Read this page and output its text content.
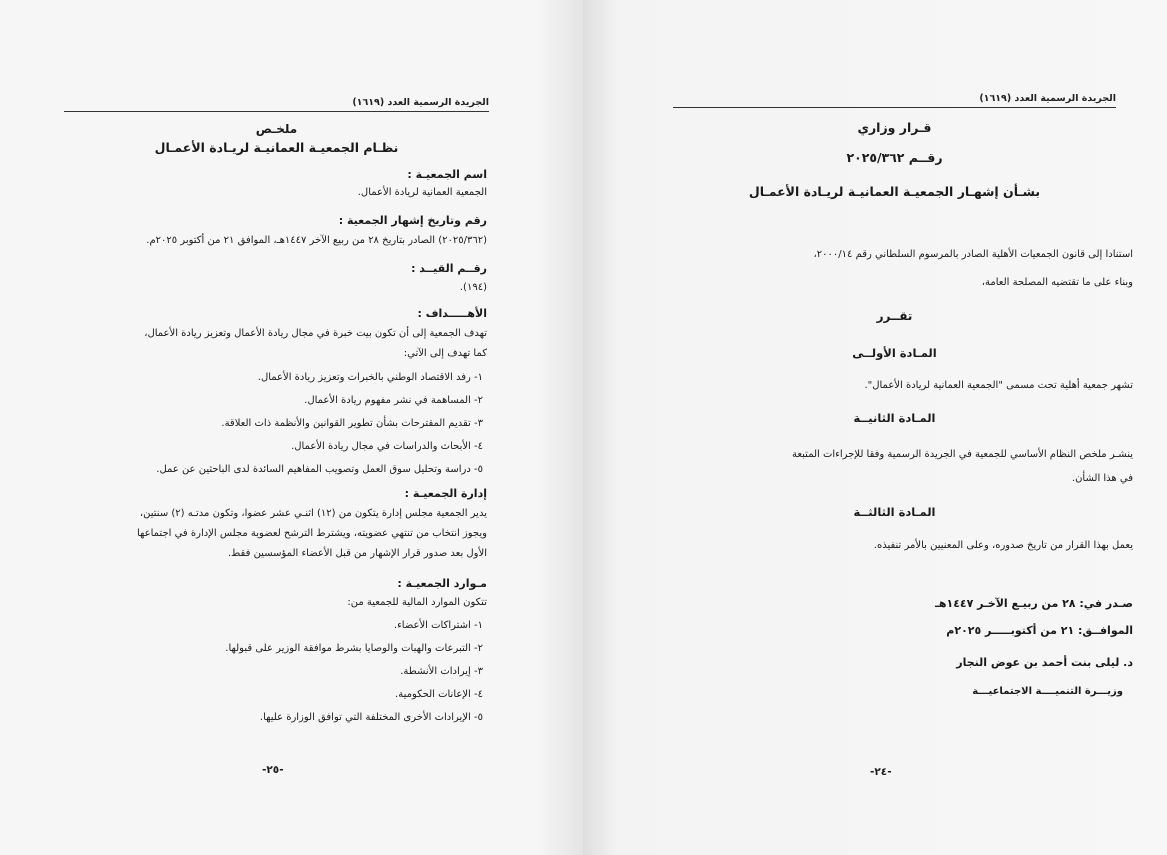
الجريدة الرسمية العدد (١٦١٩)
ملخـص
نظـام الجمعيـة العمانيـة لريـادة الأعمـال
اسم الجمعيـة :
الجمعية العمانية لريادة الأعمال.
رقم وتاريخ إشهار الجمعية :
(٢٠٢٥/٣٦٢) الصادر بتاريخ ٢٨ من ربيع الآخر ١٤٤٧هـ، الموافق ٢١ من أكتوبر ٢٠٢٥م.
رقــم القيــد :
(١٩٤).
الأهـــــداف :
تهدف الجمعية إلى أن تكون بيت خبرة في مجال ريادة الأعمال وتعزيز ريادة الأعمال،
كما تهدف إلى الآتي:
١- رفد الاقتصاد الوطني بالخبرات وتعزيز ريادة الأعمال.
٢- المساهمة في نشر مفهوم ريادة الأعمال.
٣- تقديم المقترحات بشأن تطوير القوانين والأنظمة ذات العلاقة.
٤- الأبحاث والدراسات في مجال ريادة الأعمال.
٥- دراسة وتحليل سوق العمل وتصويب المفاهيم السائدة لدى الباحثين عن عمل.
إدارة الجمعيـة :
يدير الجمعية مجلس إدارة يتكون من (١٢) اثنـي عشر عضوا، وتكون مدتـه (٢) سنتين،
ويجوز انتخاب من تنتهي عضويته، ويشترط الترشح لعضوية مجلس الإدارة في اجتماعها
الأول بعد صدور قرار الإشهار من قبل الأعضاء المؤسسين فقط.
مـوارد الجمعيـة :
تتكون الموارد المالية للجمعية من:
١- اشتراكات الأعضاء.
٢- التبرعات والهبات والوصايا بشرط موافقة الوزير على قبولها.
٣- إيرادات الأنشطة.
٤- الإعانات الحكومية.
٥- الإيرادات الأخرى المختلفة التي توافق الوزارة عليها.
-٢٥-
الجريدة الرسمية العدد (١٦١٩)
قـرار وزاري
رقــم ٢٠٢٥/٣٦٢
بشـأن إشهـار الجمعيـة العمانيـة لريـادة الأعمـال
استنادا إلى قانون الجمعيات الأهلية الصادر بالمرسوم السلطاني رقم ٢٠٠٠/١٤،
وبناء على ما تقتضيه المصلحة العامة،
تقــرر
المـادة الأولــى
تشهر جمعية أهلية تحت مسمى "الجمعية العمانية لريادة الأعمال".
المـادة الثانيــة
ينشـر ملخص النظام الأساسي للجمعية في الجريدة الرسمية وفقا للإجراءات المتبعة
في هذا الشأن.
المـادة الثالثــة
يعمل بهذا القرار من تاريخ صدوره، وعلى المعنيين بالأمر تنفيذه.
صـدر في: ٢٨ من ربيـع الآخـر ١٤٤٧هـ
الموافــق: ٢١ من أكتوبـــــر ٢٠٢٥م
د. ليلى بنت أحمد بن عوض النجار
وزيـــرة التنميــــة الاجتماعيـــة
-٢٤-
